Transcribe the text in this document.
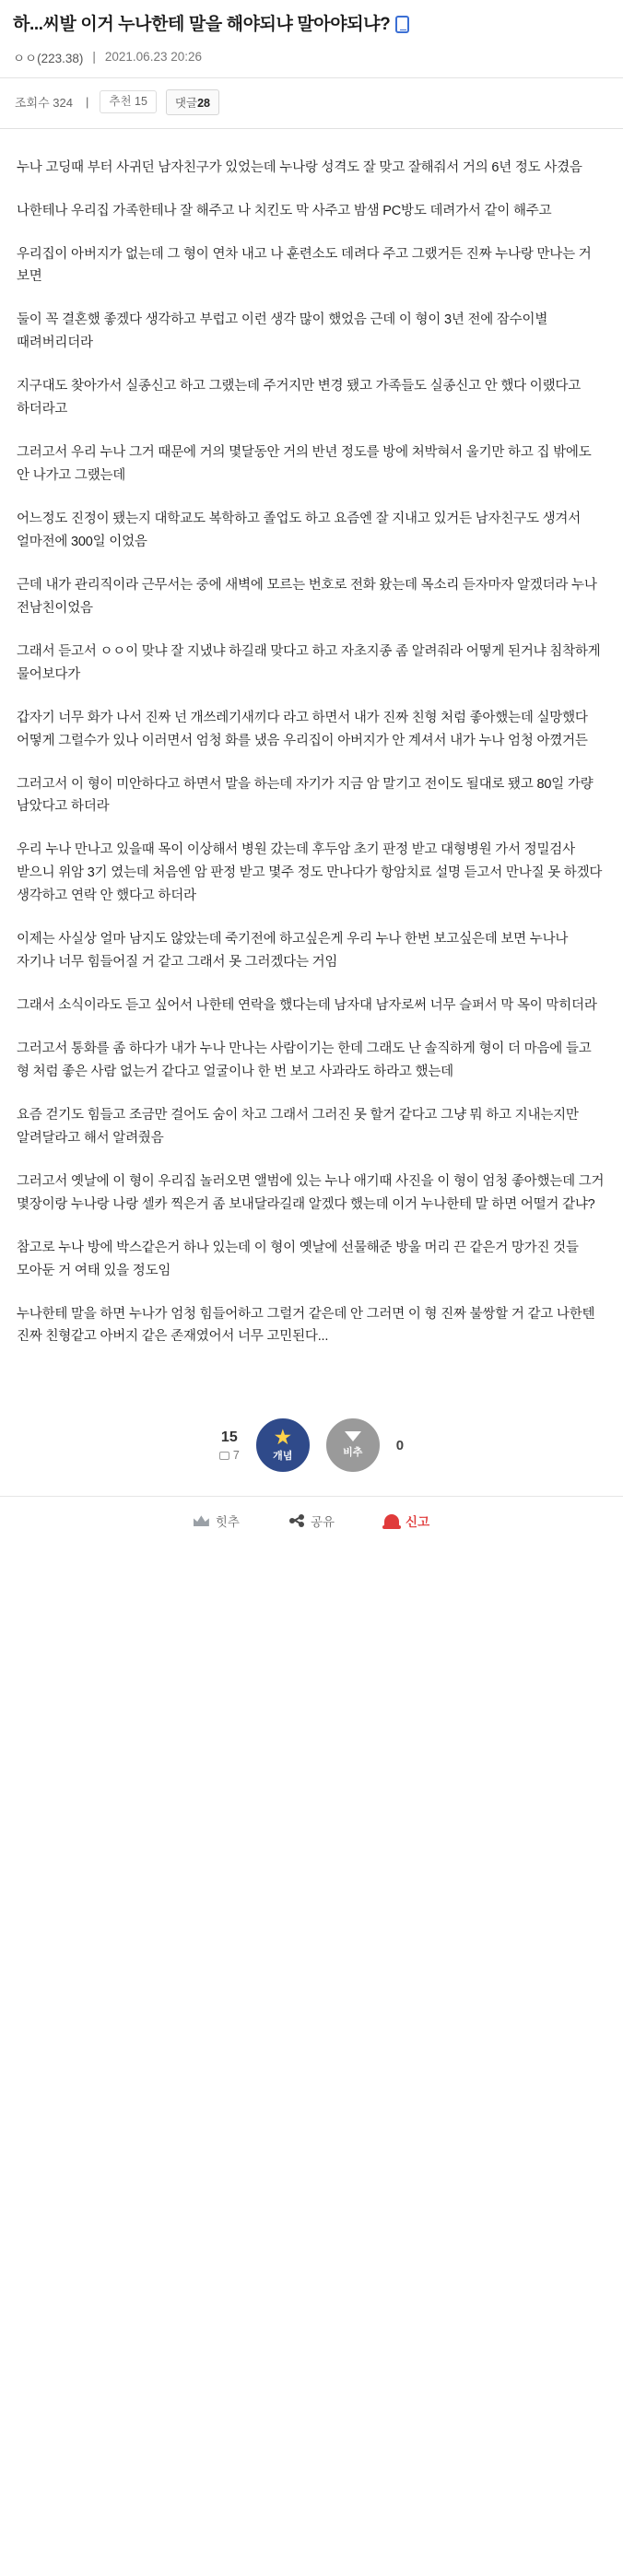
하...씨발 이거 누나한테 말을 해야되냐 말아야되냐?
ㅇㅇ(223.38) | 2021.06.23 20:26
조회수 324 |	추천 15	댓글28

누나 고딩때 부터 사귀던 남자친구가 있었는데 누나랑 성격도 잘 맞고 잘해줘서 거의 6년 정도 사겼음

나한테나 우리집 가족한테나 잘 해주고 나 치킨도 막 사주고 밤샘 PC방도 데려가서 같이 해주고

우리집이 아버지가 없는데 그 형이 연차 내고 나 훈련소도 데려다 주고 그랬거든 진짜 누나랑 만나는 거 보면

둘이 꼭 결혼했 좋겠다 생각하고 부럽고 이런 생각 많이 했었음 근데 이 형이 3년 전에 잠수이별 때려버리더라

지구대도 찾아가서 실종신고 하고 그랬는데 주거지만 변경 됐고 가족들도 실종신고 안 했다 이랬다고 하더라고

그러고서 우리 누나 그거 때문에 거의 몇달동안 거의 반년 정도를 방에 처박혀서 울기만 하고 집 밖에도 안 나가고 그랬는데

어느정도 진정이 됐는지 대학교도 복학하고 졸업도 하고 요즘엔 잘 지내고 있거든 남자친구도 생겨서 얼마전에 300일 이었음

근데 내가 관리직이라 근무서는 중에 새벽에 모르는 번호로 전화 왔는데 목소리 듣자마자 알겠더라 누나 전남친이었음

그래서 듣고서 ㅇㅇ이 맞냐 잘 지냈냐 하길래 맞다고 하고 자초지종 좀 알려줘라 어떻게 된거냐 침착하게 물어보다가

갑자기 너무 화가 나서 진짜 넌 개쓰레기새끼다 라고 하면서 내가 진짜 친형 처럼 좋아했는데 실망했다 어떻게 그럴수가 있나 이러면서 엄청 화를 냈음 우리집이 아버지가 안 계셔서 내가 누나 엄청 아꼈거든

그러고서 이 형이 미안하다고 하면서 말을 하는데 자기가 지금 암 말기고 전이도 될대로 됐고 80일 가량 남았다고 하더라

우리 누나 만나고 있을때 목이 이상해서 병원 갔는데 후두암 초기 판정 받고 대형병원 가서 정밀검사 받으니 위암 3기 였는데 처음엔 암 판정 받고 몇주 정도 만나다가 항암치료 설명 듣고서 만나질 못 하겠다 생각하고 연락 안 했다고 하더라

이제는 사실상 얼마 남지도 않았는데 죽기전에 하고싶은게 우리 누나 한번 보고싶은데 보면 누나나 자기나 너무 힘들어질 거 같고 그래서 못 그러겠다는 거임

그래서 소식이라도 듣고 싶어서 나한테 연락을 했다는데 남자대 남자로써 너무 슬퍼서 막 목이 막히더라

그러고서 통화를 좀 하다가 내가 누나 만나는 사람이기는 한데 그래도 난 솔직하게 형이 더 마음에 들고 형 처럼 좋은 사람 없는거 같다고 얼굴이나 한 번 보고 사과라도 하라고 했는데

요즘 걷기도 힘들고 조금만 걸어도 숨이 차고 그래서 그러진 못 할거 같다고 그냥 뭐 하고 지내는지만 알려달라고 해서 알려줬음

그러고서 옛날에 이 형이 우리집 놀러오면 앨범에 있는 누나 애기때 사진을 이 형이 엄청 좋아했는데 그거 몇장이랑 누나랑 나랑 셀카 찍은거 좀 보내달라길래 알겠다 했는데 이거 누나한테 말 하면 어떨거 같냐?

참고로 누나 방에 박스같은거 하나 있는데 이 형이 옛날에 선물해준 방울 머리 끈 같은거 망가진 것들 모아둔 거 여태 있을 정도임

누나한테 말을 하면 누나가 엄청 힘들어하고 그럴거 같은데 안 그러면 이 형 진짜 불쌍할 거 같고 나한텐 진짜 친형같고 아버지 같은 존재였어서 너무 고민된다...

15
7
★
개념	비추 0
힛추	공유	신고
